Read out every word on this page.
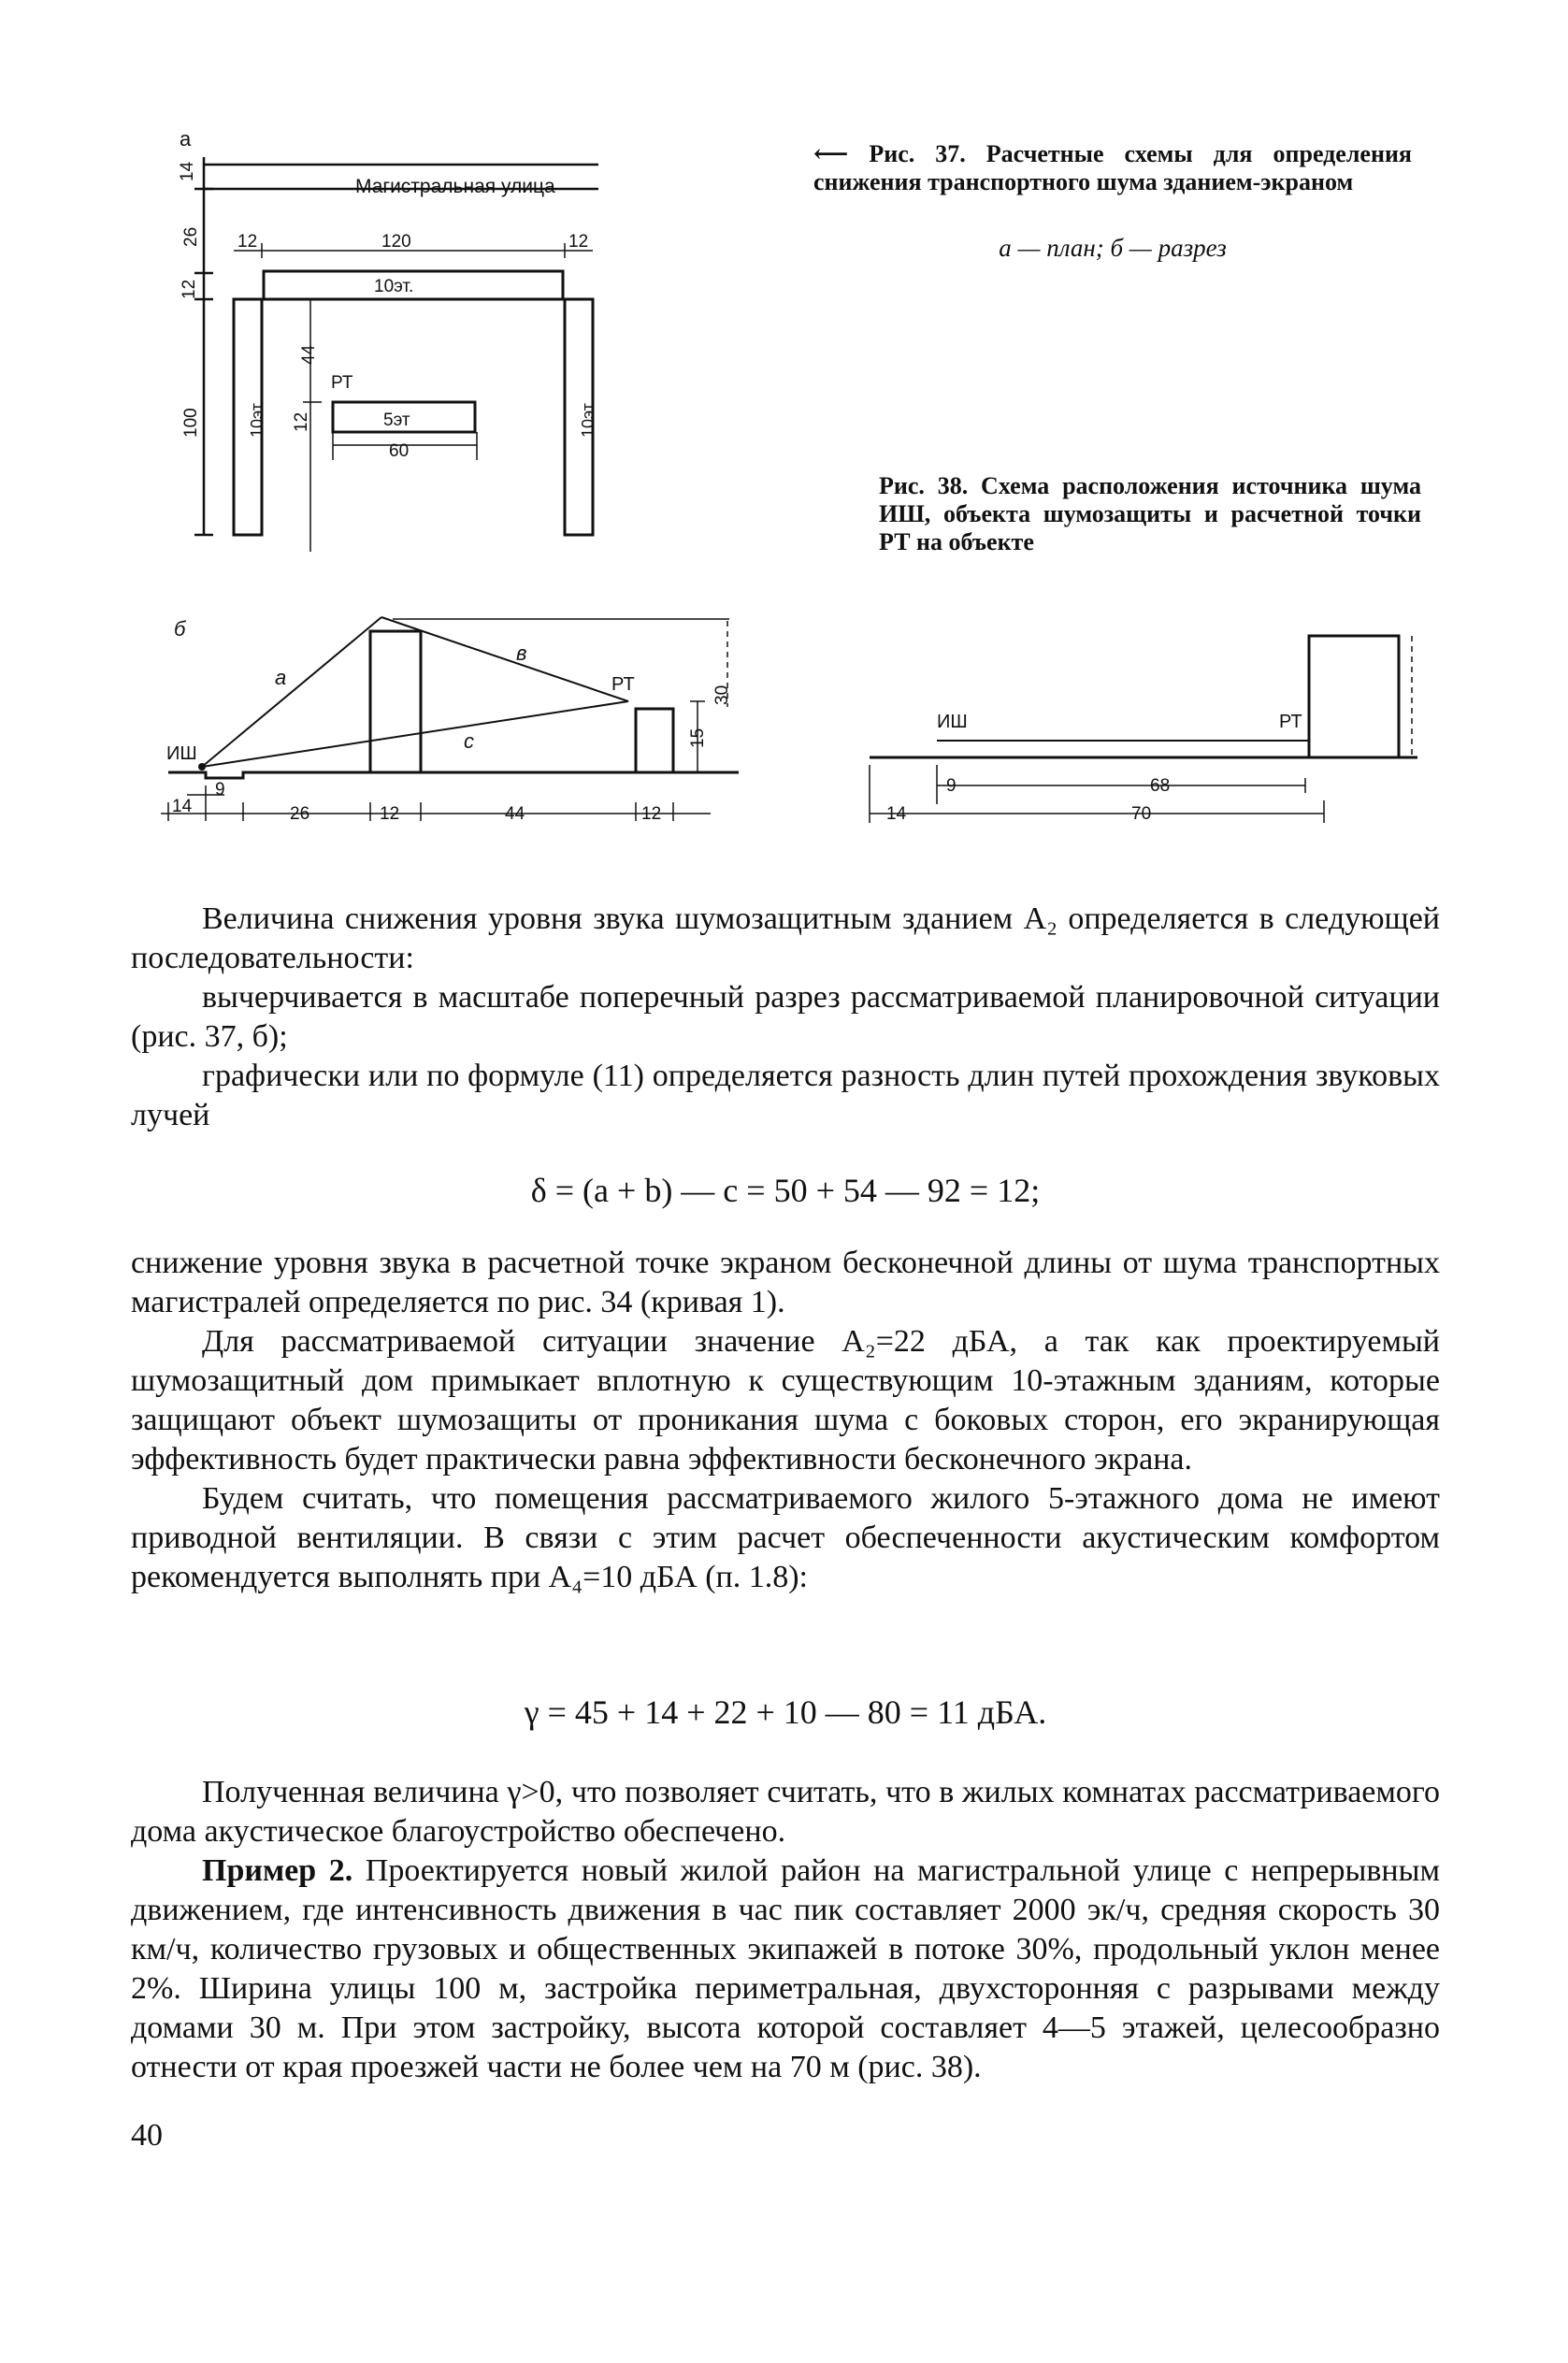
а
Магистральная улица
14
12
26
100
12	120	12
10эт.
10эт	10эт
44
РТ
12	5эт
60
б
ИШ
РТ
а
в
с
9
14	26	12	44	12
30
15
ИШ	РТ
9	68
14	70
⟵ Рис. 37. Расчетные схемы для определения снижения транспортного шума зданием-экраном
а — план; б — разрез
Рис. 38. Схема расположения источника шума ИШ, объекта шумозащиты и расчетной точки РТ на объекте

Величина снижения уровня звука шумозащитным зданием A₂ определяется в следующей последовательности:

вычерчивается в масштабе поперечный разрез рассматриваемой планировочной ситуации (рис. 37, б);

графически или по формуле (11) определяется разность длин путей прохождения звуковых лучей

δ = (a + b) — c = 50 + 54 — 92 = 12;

снижение уровня звука в расчетной точке экраном бесконечной длины от шума транспортных магистралей определяется по рис. 34 (кривая 1).

Для рассматриваемой ситуации значение A₂=22 дБА, а так как проектируемый шумозащитный дом примыкает вплотную к существующим 10-этажным зданиям, которые защищают объект шумозащиты от проникания шума с боковых сторон, его экранирующая эффективность будет практически равна эффективности бесконечного экрана.

Будем считать, что помещения рассматриваемого жилого 5-этажного дома не имеют приводной вентиляции. В связи с этим расчет обеспеченности акустическим комфортом рекомендуется выполнять при A₄=10 дБА (п. 1.8):

γ = 45 + 14 + 22 + 10 — 80 = 11 дБА.

Полученная величина γ>0, что позволяет считать, что в жилых комнатах рассматриваемого дома акустическое благоустройство обеспечено.

Пример 2. Проектируется новый жилой район на магистральной улице с непрерывным движением, где интенсивность движения в час пик составляет 2000 эк/ч, средняя скорость 30 км/ч, количество грузовых и общественных экипажей в потоке 30%, продольный уклон менее 2%. Ширина улицы 100 м, застройка периметральная, двухсторонняя с разрывами между домами 30 м. При этом застройку, высота которой составляет 4—5 этажей, целесообразно отнести от края проезжей части не более чем на 70 м (рис. 38).

40
